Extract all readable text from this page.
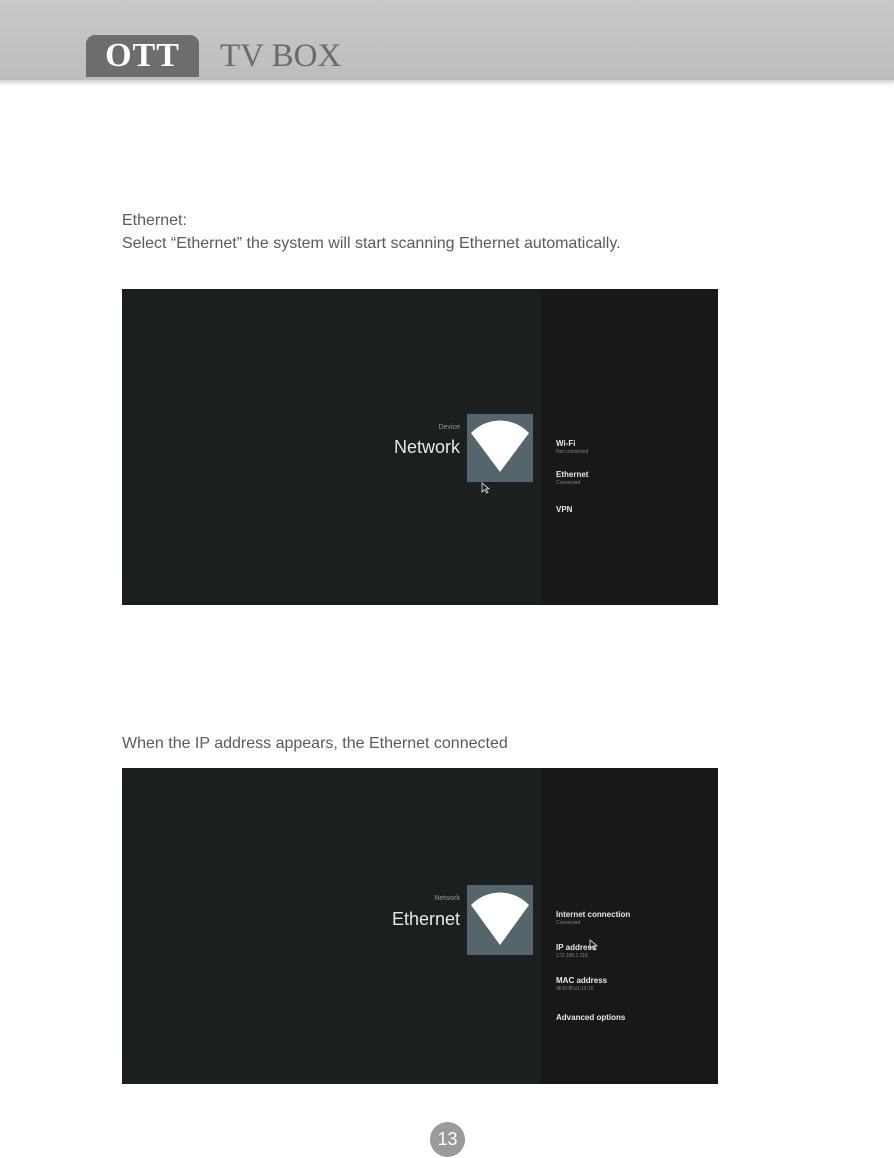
OTT	TV BOX
Ethernet:
Select “Ethernet” the system will start scanning Ethernet automatically.
Device
Network	Wi-Fi
Not connected
Ethernet
Connected
VPN
When the IP address appears, the Ethernet connected
Network
Ethernet	Internet connection
Connected
IP address
172.168.1.118
MAC address
d6:f0:8f:a1:13:16
Advanced options
13
